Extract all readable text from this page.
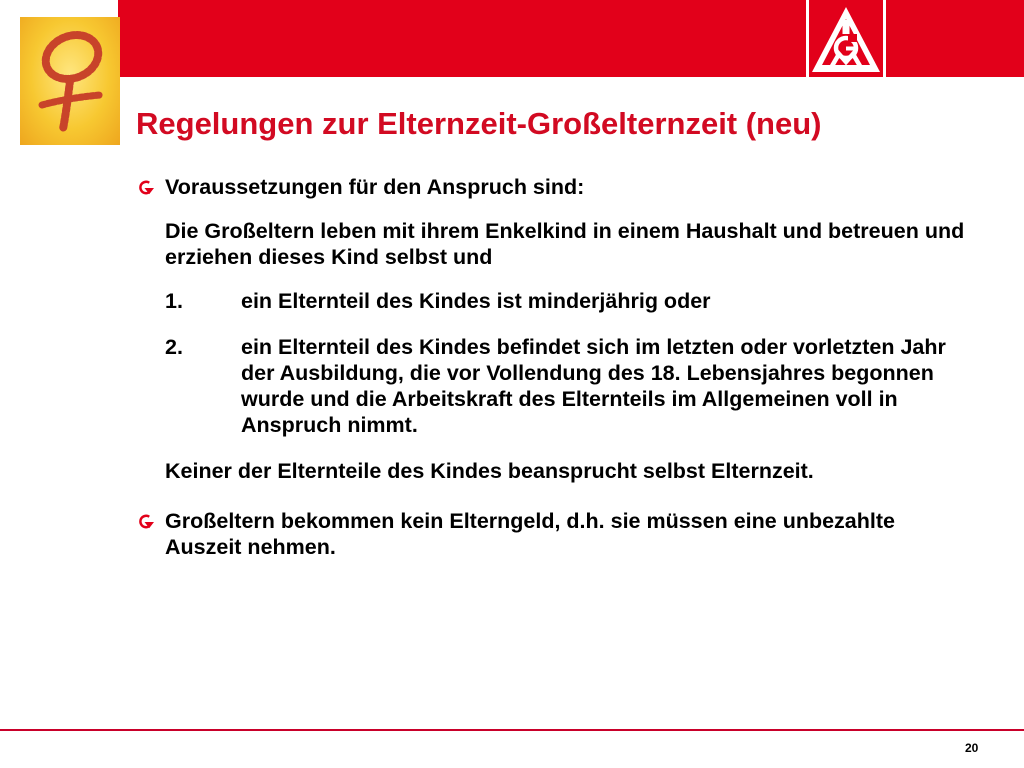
Regelungen zur Elternzeit-Großelternzeit (neu)
Voraussetzungen für den Anspruch sind:
Die Großeltern leben mit ihrem Enkelkind in einem Haushalt und betreuen und erziehen dieses Kind selbst und
1.	ein Elternteil des Kindes ist minderjährig oder
2.	ein Elternteil des Kindes befindet sich im letzten oder vorletzten Jahr der Ausbildung, die vor Vollendung des 18. Lebensjahres begonnen wurde und die Arbeitskraft des Elternteils im Allgemeinen voll in Anspruch nimmt.
Keiner der Elternteile des Kindes beansprucht selbst Elternzeit.
Großeltern bekommen kein Elterngeld, d.h. sie müssen eine unbezahlte Auszeit nehmen.
20
